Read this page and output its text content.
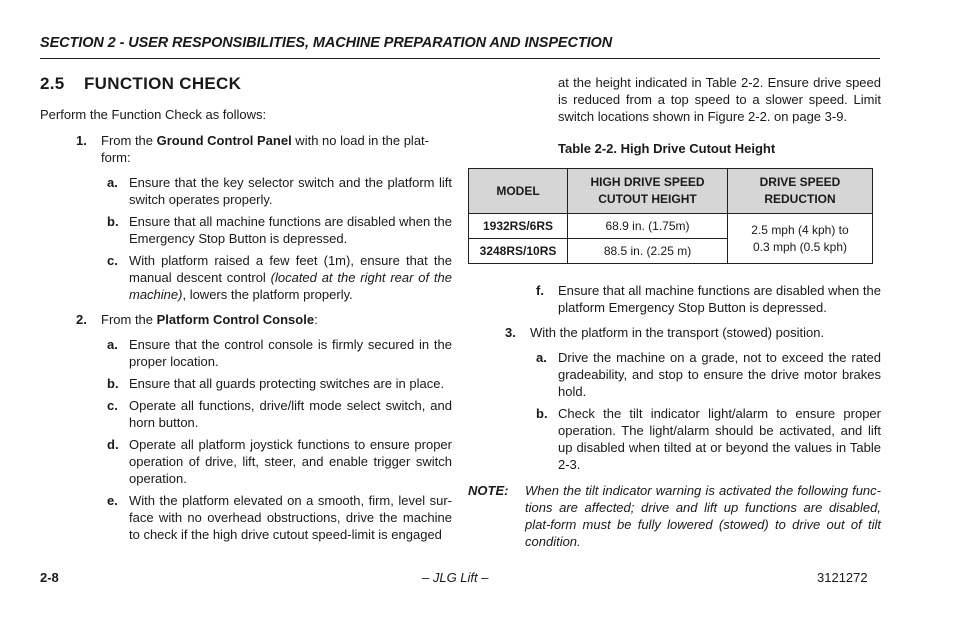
SECTION 2 - USER RESPONSIBILITIES, MACHINE PREPARATION AND INSPECTION
2.5 FUNCTION CHECK
Perform the Function Check as follows:
1. From the Ground Control Panel with no load in the plat-form:
a. Ensure that the key selector switch and the platform lift switch operates properly.
b. Ensure that all machine functions are disabled when the Emergency Stop Button is depressed.
c. With platform raised a few feet (1m), ensure that the manual descent control (located at the right rear of the machine), lowers the platform properly.
2. From the Platform Control Console:
a. Ensure that the control console is firmly secured in the proper location.
b. Ensure that all guards protecting switches are in place.
c. Operate all functions, drive/lift mode select switch, and horn button.
d. Operate all platform joystick functions to ensure proper operation of drive, lift, steer, and enable trigger switch operation.
e. With the platform elevated on a smooth, firm, level sur-face with no overhead obstructions, drive the machine to check if the high drive cutout speed-limit is engaged
at the height indicated in Table 2-2. Ensure drive speed is reduced from a top speed to a slower speed. Limit switch locations shown in Figure 2-2. on page 3-9.
Table 2-2. High Drive Cutout Height
MODEL	HIGH DRIVE SPEED CUTOUT HEIGHT	DRIVE SPEED REDUCTION
1932RS/6RS	68.9 in. (1.75m)	2.5 mph (4 kph) to
0.3 mph (0.5 kph)

3248RS/10RS	88.5 in. (2.25 m)	
f. Ensure that all machine functions are disabled when the platform Emergency Stop Button is depressed.
3. With the platform in the transport (stowed) position.
a. Drive the machine on a grade, not to exceed the rated gradeability, and stop to ensure the drive motor brakes hold.
b. Check the tilt indicator light/alarm to ensure proper operation. The light/alarm should be activated, and lift up disabled when tilted at or beyond the values in Table 2-3.
NOTE: When the tilt indicator warning is activated the following func-tions are affected; drive and lift up functions are disabled, plat-form must be fully lowered (stowed) to drive out of tilt condition.
2-8	– JLG Lift –	3121272
